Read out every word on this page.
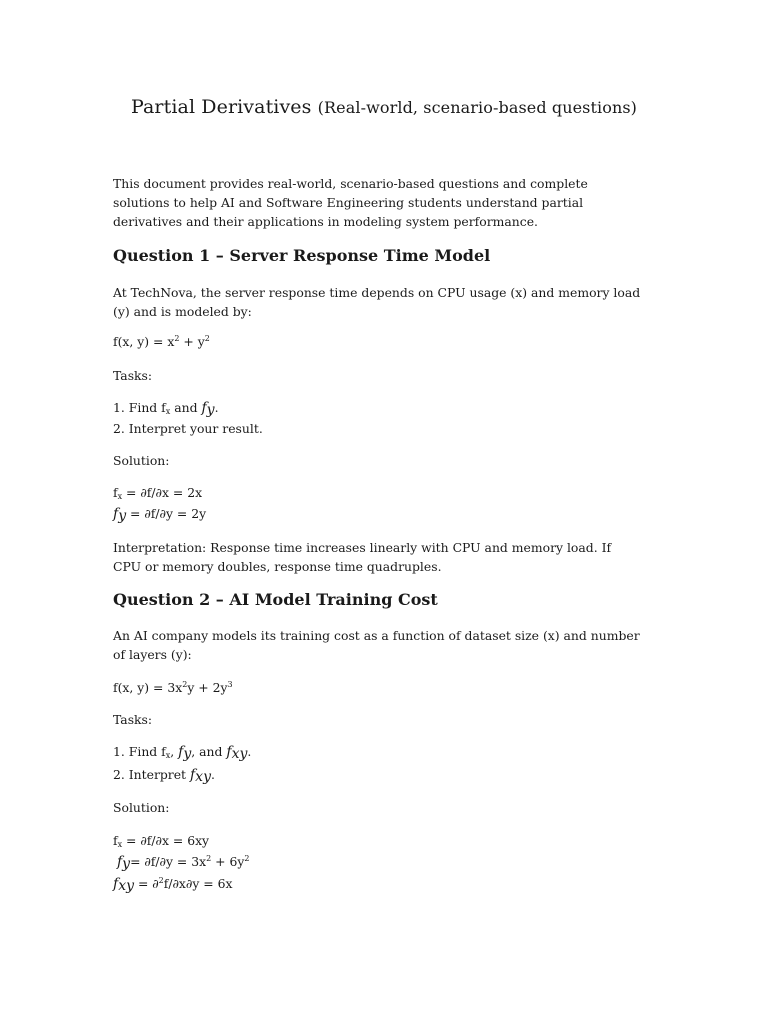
Partial Derivatives (Real-world, scenario-based questions)

This document provides real-world, scenario-based questions and complete solutions to help AI and Software Engineering students understand partial derivatives and their applications in modeling system performance.

Question 1 – Server Response Time Model

At TechNova, the server response time depends on CPU usage (x) and memory load (y) and is modeled by:

f(x, $y) = x^2 + y^2$

Tasks:

1. Find $f_x$ and $f_y$.

2. Interpret your result.

Solution:

$f_x = \partial f/\partial x = 2x$

$f_y = \partial f/\partial y = 2y$

Interpretation: Response time increases linearly with CPU and memory load. If CPU or memory doubles, response time quadruples.

Question 2 – AI Model Training Cost

An AI company models its training cost as a function of dataset size (x) and number of layers (y):

f(x, $y) = 3x^2y + 2y^3$

Tasks:

1. Find $f_x$, $f_y$, and $f_{xy}$.

2. Interpret $f_{xy}$.

Solution:

$f_x = \partial f/\partial x = 6xy$

$f_y= \partial f/\partial y = 3x^2 + 6y^2$

$f_{xy} = \partial^2f/\partial x\partial y = 6x$
